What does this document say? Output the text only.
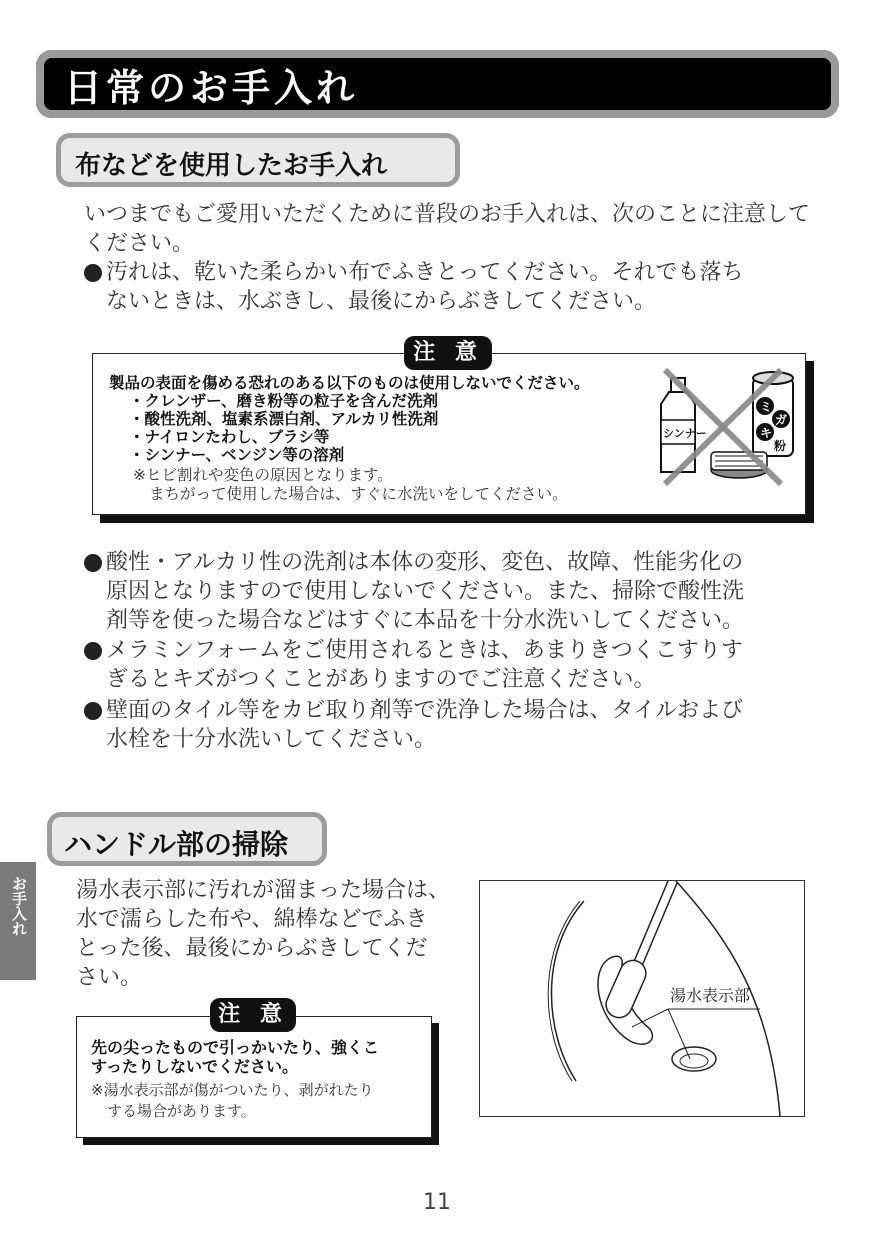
日常のお手入れ
布などを使用したお手入れ
いつまでもご愛用いただくために普段のお手入れは、次のことに注意してください。
汚れは、乾いた柔らかい布でふきとってください。それでも落ち
ないときは、水ぶきし、最後にからぶきしてください。
製品の表面を傷める恐れのある以下のものは使用しないでください。
・クレンザー、磨き粉等の粒子を含んだ洗剤
・酸性洗剤、塩素系漂白剤、アルカリ性洗剤
・ナイロンたわし、ブラシ等
・シンナー、ベンジン等の溶剤
※ヒビ割れや変色の原因となります。
まちがって使用した場合は、すぐに水洗いをしてください。
ミ
ガ
キ
粉
シンナー
注 意
酸性・アルカリ性の洗剤は本体の変形、変色、故障、性能劣化の
原因となりますので使用しないでください。また、掃除で酸性洗
剤等を使った場合などはすぐに本品を十分水洗いしてください。
メラミンフォームをご使用されるときは、あまりきつくこすりす
ぎるとキズがつくことがありますのでご注意ください。
壁面のタイル等をカビ取り剤等で洗浄した場合は、タイルおよび
水栓を十分水洗いしてください。
ハンドル部の掃除
お手入れ 湯水表示部に汚れが溜まった場合は、
水で濡らした布や、綿棒などでふき
とった後、最後にからぶきしてくだ
さい。
先の尖ったもので引っかいたり、強くこ
すったりしないでください。
※湯水表示部が傷がついたり、剥がれたり
する場合があります。
注 意
湯水表示部
11
